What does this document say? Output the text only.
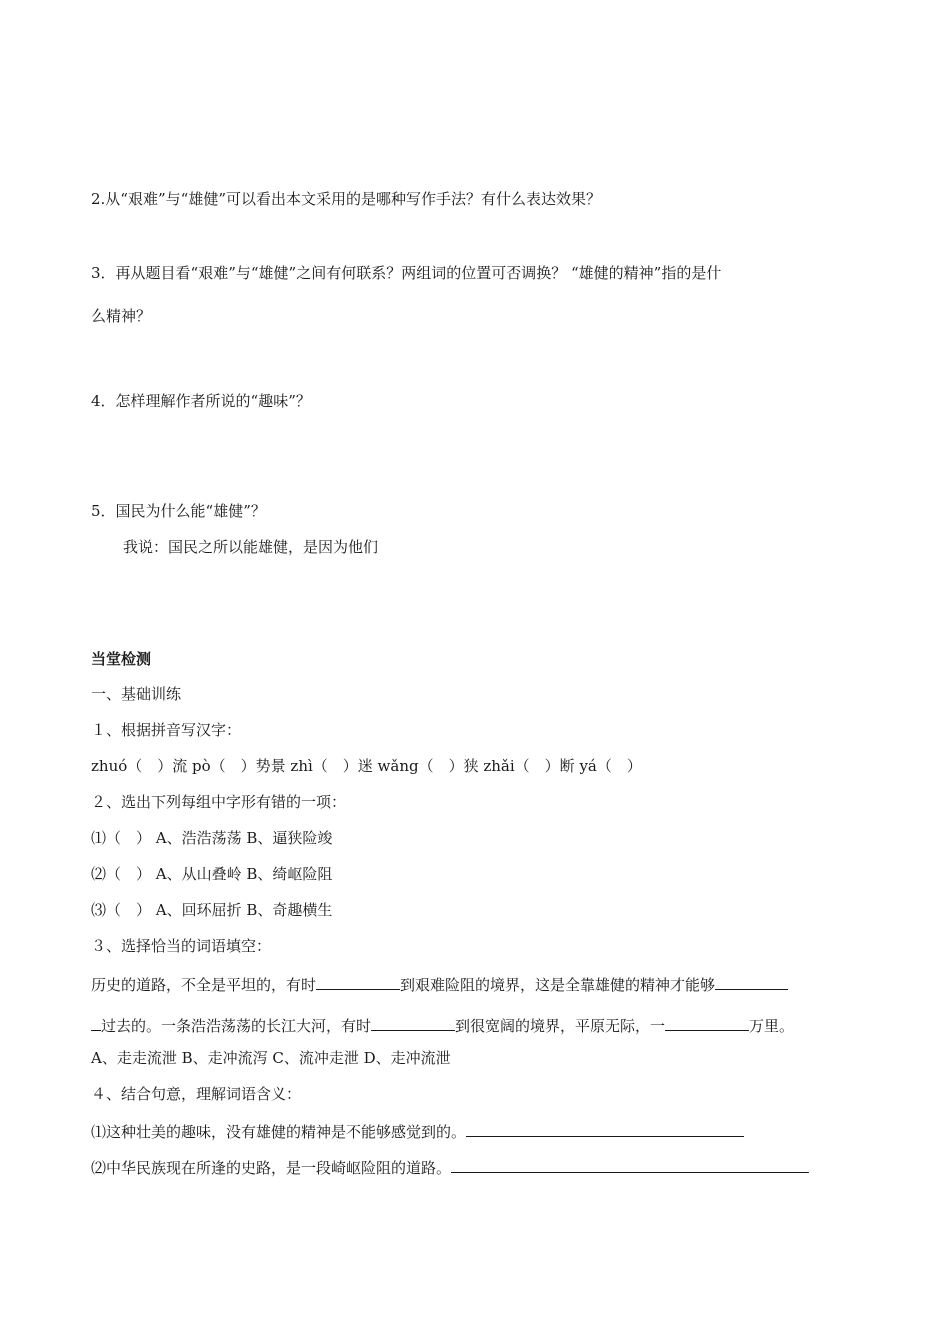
2.从“艰难”与“雄健”可以看出本文采用的是哪种写作手法？有什么表达效果？
3．再从题目看“艰难”与“雄健”之间有何联系？两组词的位置可否调换？ “雄健的精神”指的是什
么精神？
4．怎样理解作者所说的“趣味”？
5．国民为什么能“雄健”？
我说：国民之所以能雄健，是因为他们
当堂检测
一、基础训练
１、根据拼音写汉字：
zhuó（　）流 pò（　）势景 zhì（　）迷 wǎng（　）狭 zhǎi（　）断 yá（　）
２、选出下列每组中字形有错的一项：
⑴（　） A、浩浩荡荡 B、逼狭险竣
⑵（　） A、从山叠岭 B、绮岖险阻
⑶（　） A、回环屈折 B、奇趣横生
３、选择恰当的词语填空：
历史的道路，不全是平坦的，有时	到艰难险阻的境界，这是全靠雄健的精神才能够
过去的。一条浩浩荡荡的长江大河，有时	到很宽阔的境界，平原无际，一	万里。
A、走走流泄 B、走冲流泻 C、流冲走泄 D、走冲流泄
４、结合句意，理解词语含义：
⑴这种壮美的趣味，没有雄健的精神是不能够感觉到的。
⑵中华民族现在所逢的史路，是一段崎岖险阻的道路。
